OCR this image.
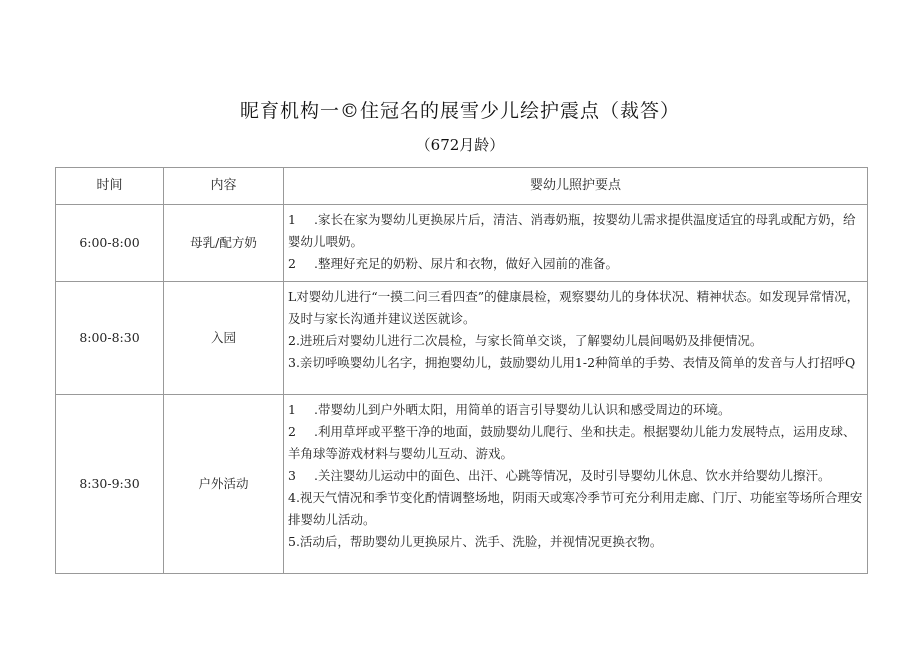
昵育机构一©住冠名的展雪少儿绘护震点（裁答）
（672月龄）
时间	内容	婴幼儿照护要点
6:00-8:00	母乳/配方奶	1 .家长在家为婴幼儿更换尿片后，清洁、消毒奶瓶，按婴幼儿需求提供温度适宜的母乳或配方奶，给婴幼儿喂奶。
2 .整理好充足的奶粉、尿片和衣物，做好入园前的准备。

8:00-8:30	入园	L对婴幼儿进行“一摸二问三看四查”的健康晨检，观察婴幼儿的身体状况、精神状态。如发现异常情况，及时与家长沟通并建议送医就诊。
2.进班后对婴幼儿进行二次晨检，与家长简单交谈，了解婴幼儿晨间喝奶及排便情况。
3.亲切呼唤婴幼儿名字，拥抱婴幼儿，鼓励婴幼儿用1-2种简单的手势、表情及简单的发音与人打招呼Q

8:30-9:30	户外活动	1 .带婴幼儿到户外晒太阳，用简单的语言引导婴幼儿认识和感受周边的环境。
2 .利用草坪或平整干净的地面，鼓励婴幼儿爬行、坐和扶走。根据婴幼儿能力发展特点，运用皮球、羊角球等游戏材料与婴幼儿互动、游戏。
3 .关注婴幼儿运动中的面色、出汗、心跳等情况，及时引导婴幼儿休息、饮水并给婴幼儿擦汗。
4.视天气情况和季节变化酌情调整场地，阴雨天或寒冷季节可充分利用走廊、门厅、功能室等场所合理安排婴幼儿活动。
5.活动后，帮助婴幼儿更换尿片、洗手、洗脸，并视情况更换衣物。
